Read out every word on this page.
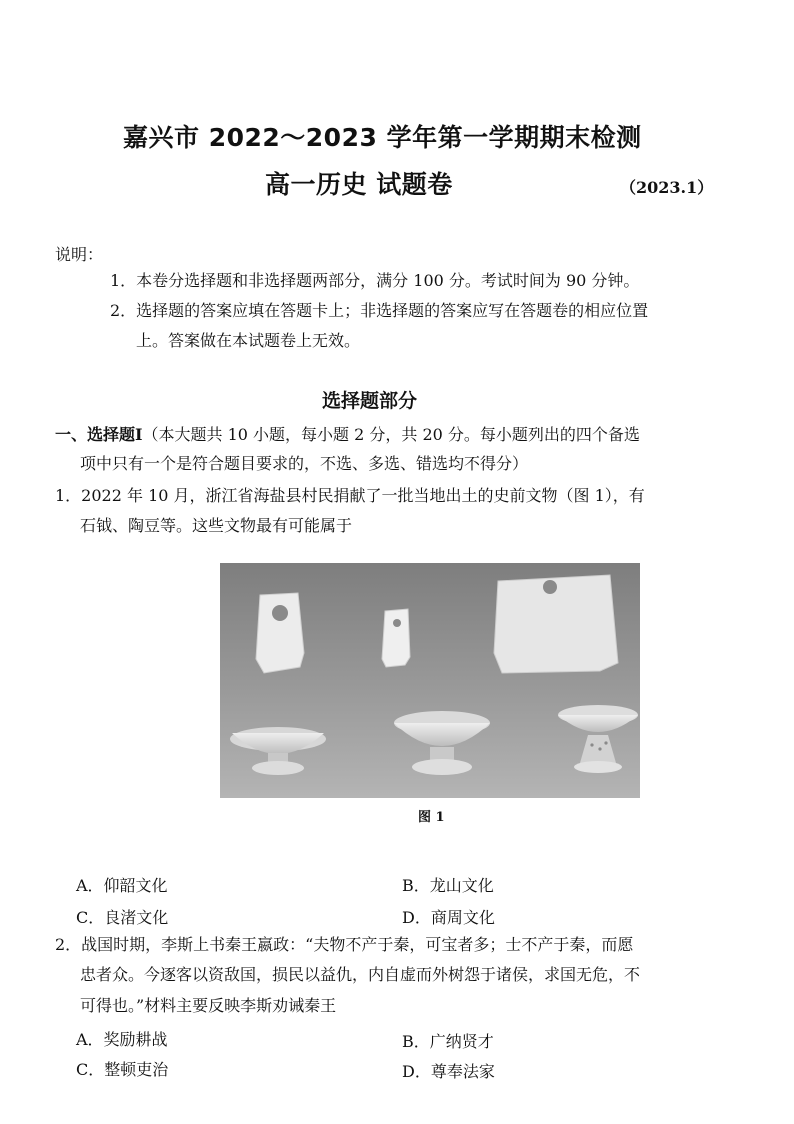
嘉兴市 2022～2023 学年第一学期期末检测
高一历史 试题卷	（2023.1）
说明：
1．本卷分选择题和非选择题两部分，满分 100 分。考试时间为 90 分钟。
2．选择题的答案应填在答题卡上；非选择题的答案应写在答题卷的相应位置
上。答案做在本试题卷上无效。
选择题部分
一、选择题Ⅰ（本大题共 10 小题，每小题 2 分，共 20 分。每小题列出的四个备选
项中只有一个是符合题目要求的，不选、多选、错选均不得分）
1．2022 年 10 月，浙江省海盐县村民捐献了一批当地出土的史前文物（图 1），有
石钺、陶豆等。这些文物最有可能属于
图 1
A．仰韶文化	B．龙山文化
C．良渚文化	D．商周文化
2．战国时期，李斯上书秦王嬴政：“夫物不产于秦，可宝者多；士不产于秦，而愿
忠者众。今逐客以资敌国，损民以益仇，内自虚而外树怨于诸侯，求国无危，不
可得也。”材料主要反映李斯劝诫秦王
A．奖励耕战	B．广纳贤才
C．整顿吏治	D．尊奉法家
